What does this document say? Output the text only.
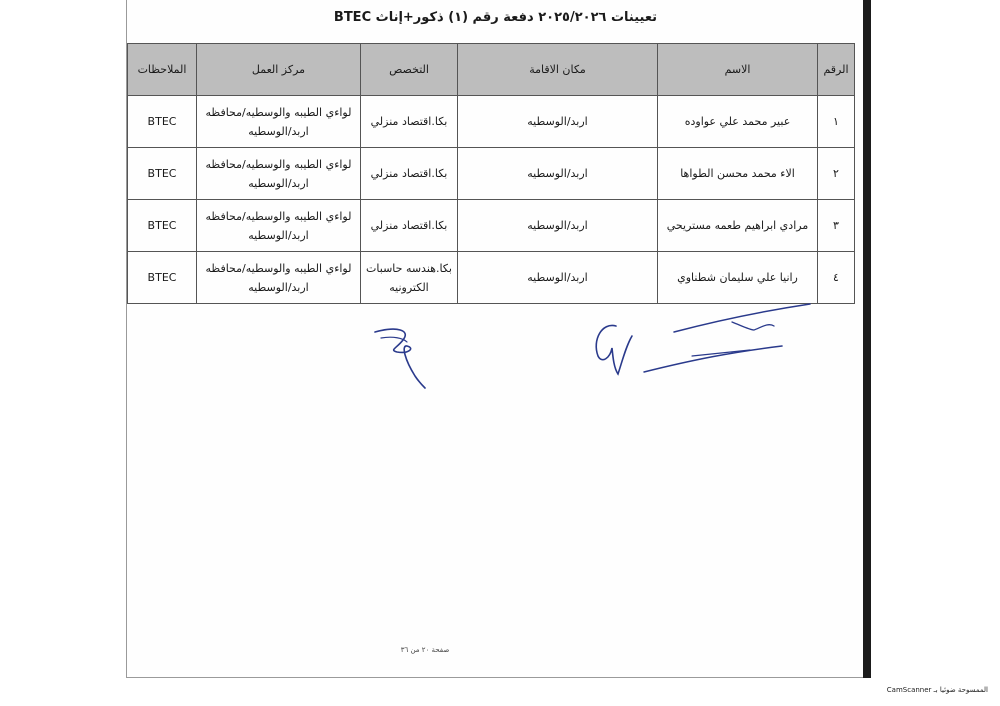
تعيينات ٢٠٢٥/٢٠٢٦ دفعة رقم (١) ذكور+إناث BTEC
الرقم	الاسم	مكان الاقامة	التخصص	مركز العمل	الملاحظات
١	عبير محمد علي عواوده	اربد/الوسطيه	بكا.اقتصاد منزلي	لواءي الطيبه والوسطيه/محافظه اربد/الوسطيه	BTEC
٢	الاء محمد محسن الطواها	اربد/الوسطيه	بكا.اقتصاد منزلي	لواءي الطيبه والوسطيه/محافظه اربد/الوسطيه	BTEC
٣	مرادي ابراهيم طعمه مستريحي	اربد/الوسطيه	بكا.اقتصاد منزلي	لواءي الطيبه والوسطيه/محافظه اربد/الوسطيه	BTEC
٤	رانيا علي سليمان شطناوي	اربد/الوسطيه	بكا.هندسه حاسبات الكترونيه	لواءي الطيبه والوسطيه/محافظه اربد/الوسطيه	BTEC
صفحة ٢٠ من ٣٦
CamScanner الممسوحة ضوئيا بـ
